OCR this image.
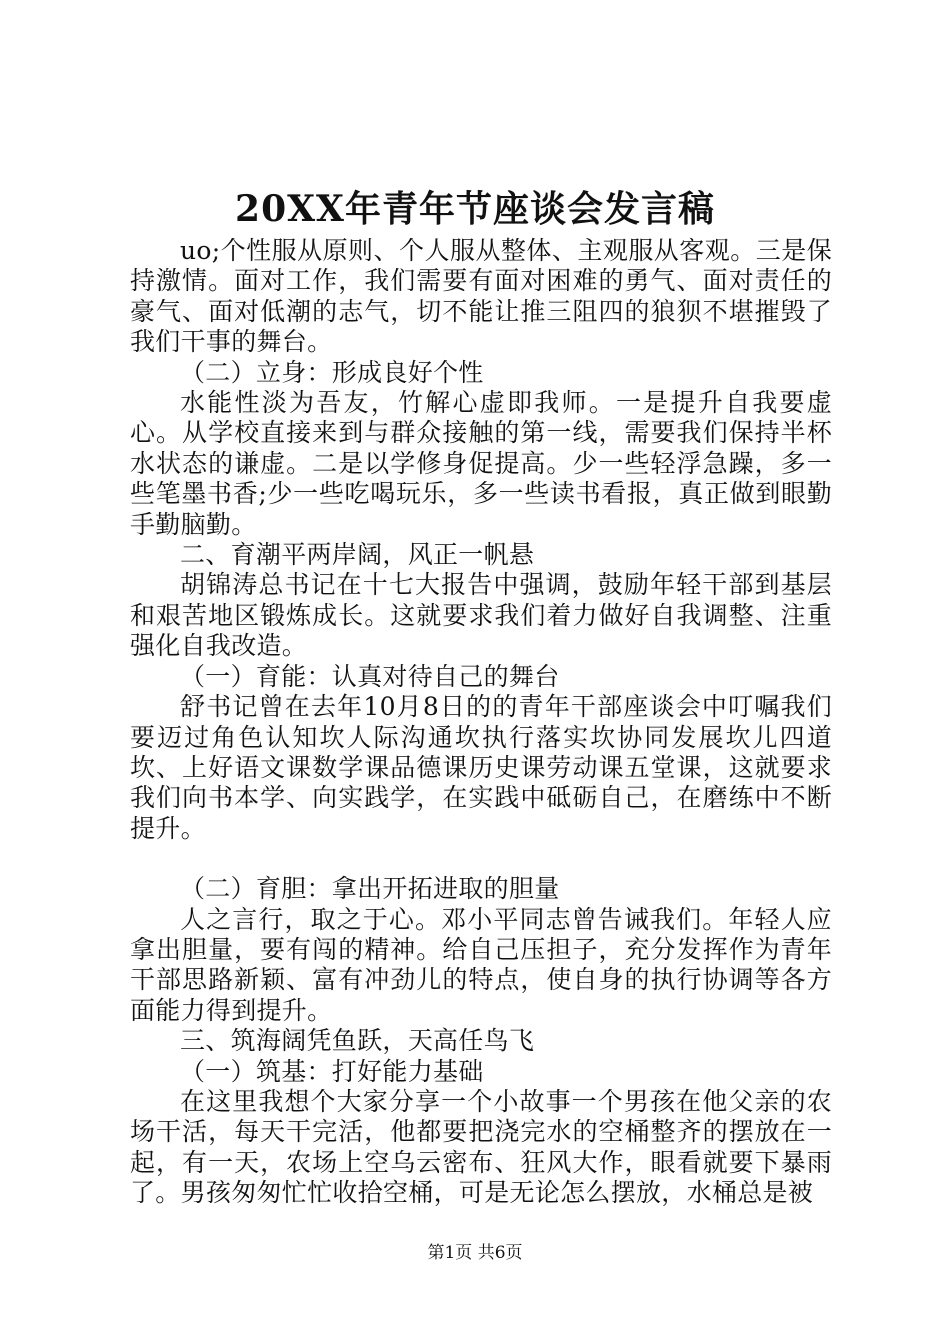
20XX年青年节座谈会发言稿

uo;个性服从原则、个人服从整体、主观服从客观。三是保持激情。面对工作，我们需要有面对困难的勇气、面对责任的豪气、面对低潮的志气，切不能让推三阻四的狼狈不堪摧毁了我们干事的舞台。

（二）立身：形成良好个性

水能性淡为吾友，竹解心虚即我师。一是提升自我要虚心。从学校直接来到与群众接触的第一线，需要我们保持半杯水状态的谦虚。二是以学修身促提高。少一些轻浮急躁，多一些笔墨书香;少一些吃喝玩乐，多一些读书看报，真正做到眼勤手勤脑勤。

二、育潮平两岸阔，风正一帆悬

胡锦涛总书记在十七大报告中强调，鼓励年轻干部到基层和艰苦地区锻炼成长。这就要求我们着力做好自我调整、注重强化自我改造。

（一）育能：认真对待自己的舞台

舒书记曾在去年10月8日的的青年干部座谈会中叮嘱我们要迈过角色认知坎人际沟通坎执行落实坎协同发展坎儿四道坎、上好语文课数学课品德课历史课劳动课五堂课，这就要求我们向书本学、向实践学，在实践中砥砺自己，在磨练中不断提升。

（二）育胆：拿出开拓进取的胆量

人之言行，取之于心。邓小平同志曾告诫我们。年轻人应拿出胆量，要有闯的精神。给自己压担子，充分发挥作为青年干部思路新颖、富有冲劲儿的特点，使自身的执行协调等各方面能力得到提升。

三、筑海阔凭鱼跃，天高任鸟飞

（一）筑基：打好能力基础

在这里我想个大家分享一个小故事一个男孩在他父亲的农场干活，每天干完活，他都要把浇完水的空桶整齐的摆放在一起，有一天，农场上空乌云密布、狂风大作，眼看就要下暴雨了。男孩匆匆忙忙收拾空桶，可是无论怎么摆放，水桶总是被

第1页 共6页
